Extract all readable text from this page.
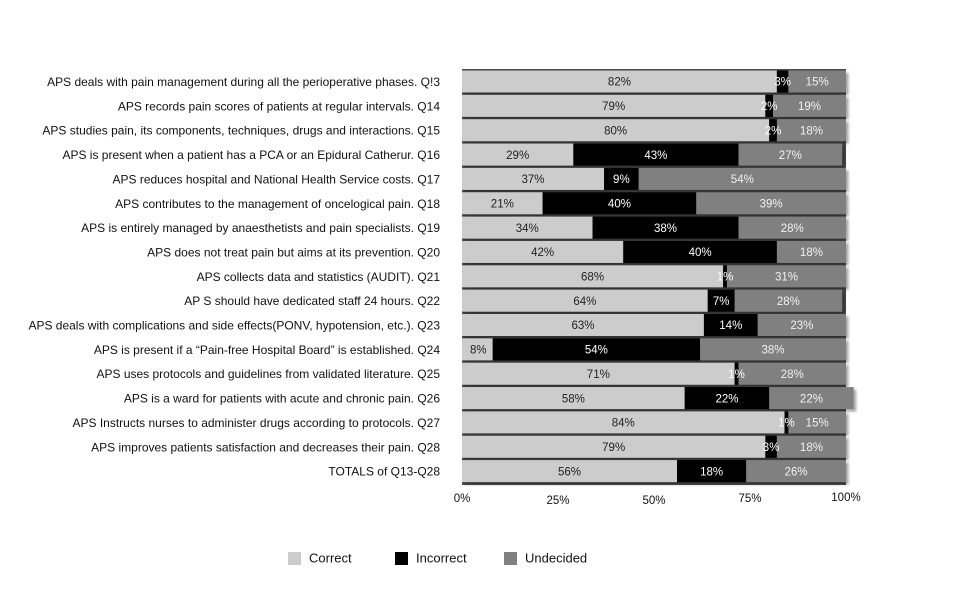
82%	3% 15%
79%	2% 19%
80%	2% 18%
29%	43%	27%
37%	9%	54%
21%	40%	39%
34%	38%	28%
42%	40%	18%
68%	1%	31%
64%	7%	28%
63%	14%	23%
8%	54%	38%
71%	1%	28%
58%	22%	22%
84%	1% 15%
79%	3% 18%
56%	18%	26%
APS deals with pain management during all the perioperative phases. Q!3
APS records pain scores of patients at regular intervals. Q14
APS studies pain, its components, techniques, drugs and interactions. Q15
APS is present when a patient has a PCA or an Epidural Catherur. Q16
APS reduces hospital and National Health Service costs. Q17
APS contributes to the management of oncelogical pain. Q18
APS is entirely managed by anaesthetists and pain specialists. Q19
APS does not treat pain but aims at its prevention. Q20
APS collects data and statistics (AUDIT). Q21
AP S should have dedicated staff 24 hours. Q22
APS deals with complications and side effects(PONV, hypotension, etc.). Q23
APS is present if a “Pain-free Hospital Board” is established. Q24
APS uses protocols and guidelines from validated literature. Q25
APS is a ward for patients with acute and chronic pain. Q26
APS Instructs nurses to administer drugs according to protocols. Q27
APS improves patients satisfaction and decreases their pain. Q28
TOTALS of Q13-Q28
0%	25%	50%	75%	100%
Correct	Incorrect	Undecided
